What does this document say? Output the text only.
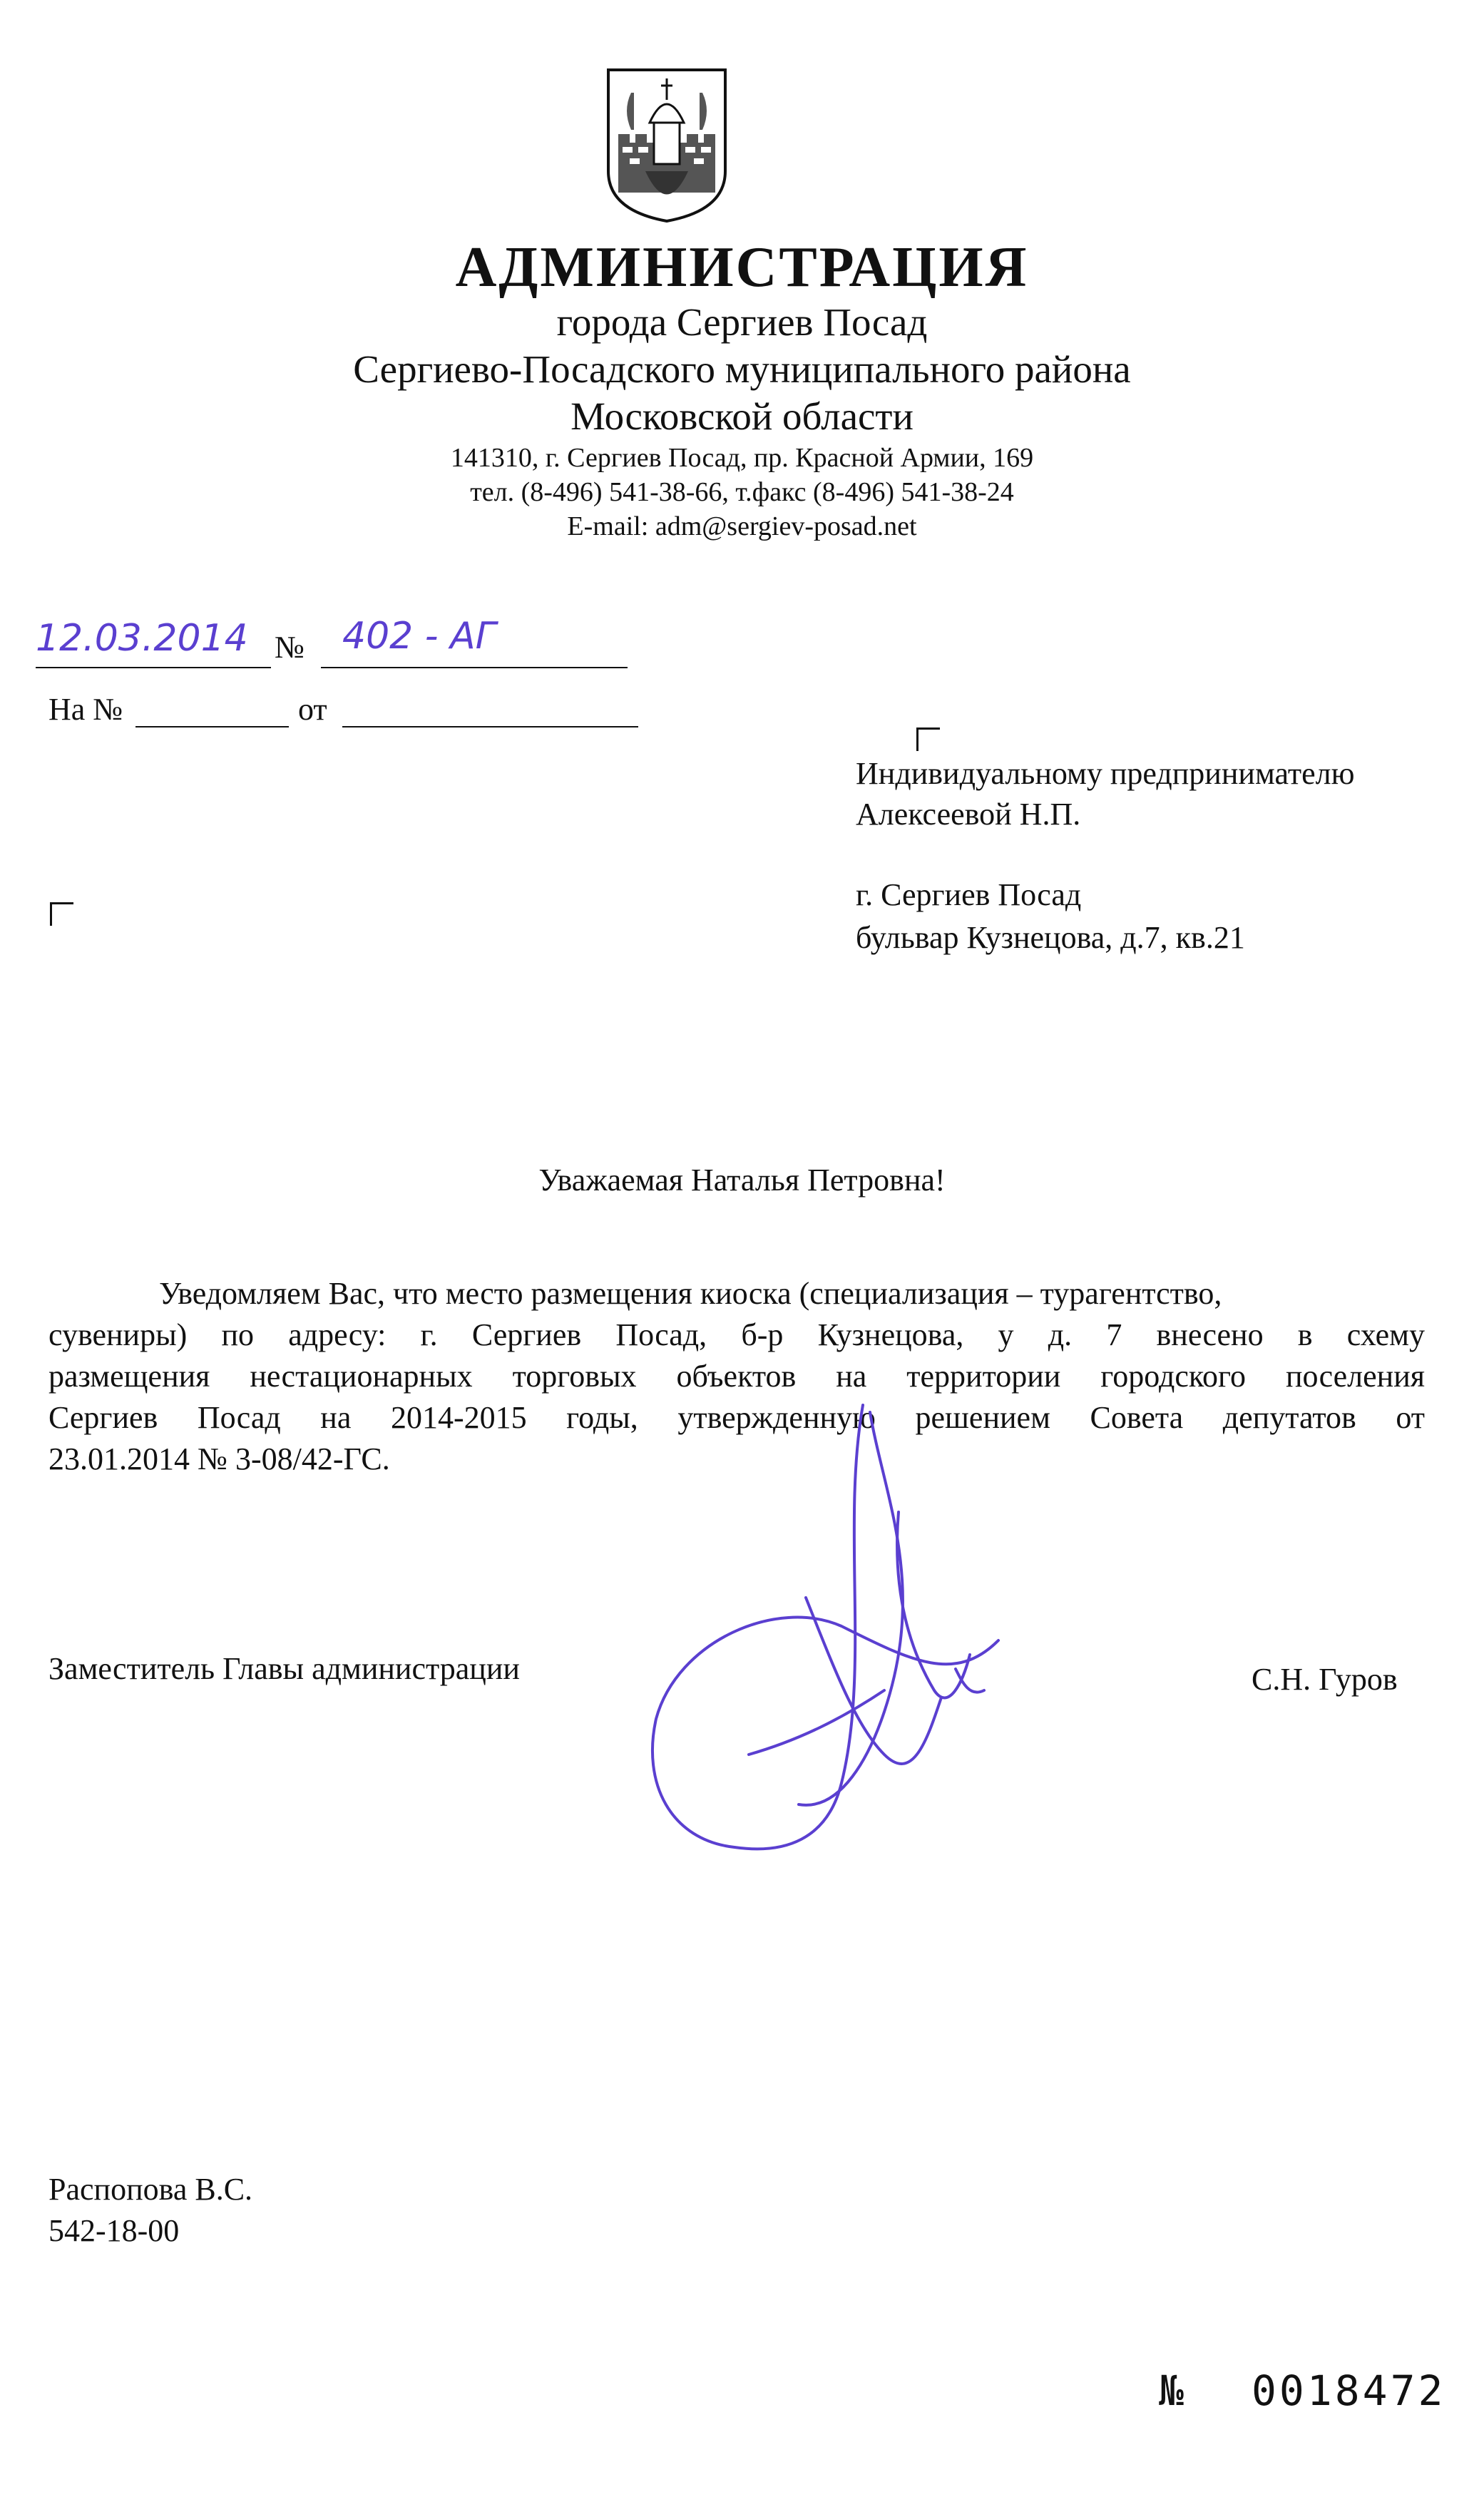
АДМИНИСТРАЦИЯ
города Сергиев Посад
Сергиево-Посадского муниципального района
Московской области
141310, г. Сергиев Посад, пр. Красной Армии, 169
тел. (8-496) 541-38-66, т.факс (8-496) 541-38-24
E-mail: adm@sergiev-posad.net
12.03.2014 № 402 - АГ
На №	от
Индивидуальному предпринимателю
Алексеевой Н.П.
г. Сергиев Посад
бульвар Кузнецова, д.7, кв.21
Уважаемая Наталья Петровна!
Уведомляем Вас, что место размещения киоска (специализация – турагентство,
сувениры) по адресу: г. Сергиев Посад, б-р Кузнецова, у д. 7 внесено в схему
размещения нестационарных торговых объектов на территории городского поселения
Сергиев Посад на 2014-2015 годы, утвержденную решением Совета депутатов от
23.01.2014 № 3-08/42-ГС.
Заместитель Главы администрации	С.Н. Гуров
Распопова В.С.
542-18-00
№ 0018472
